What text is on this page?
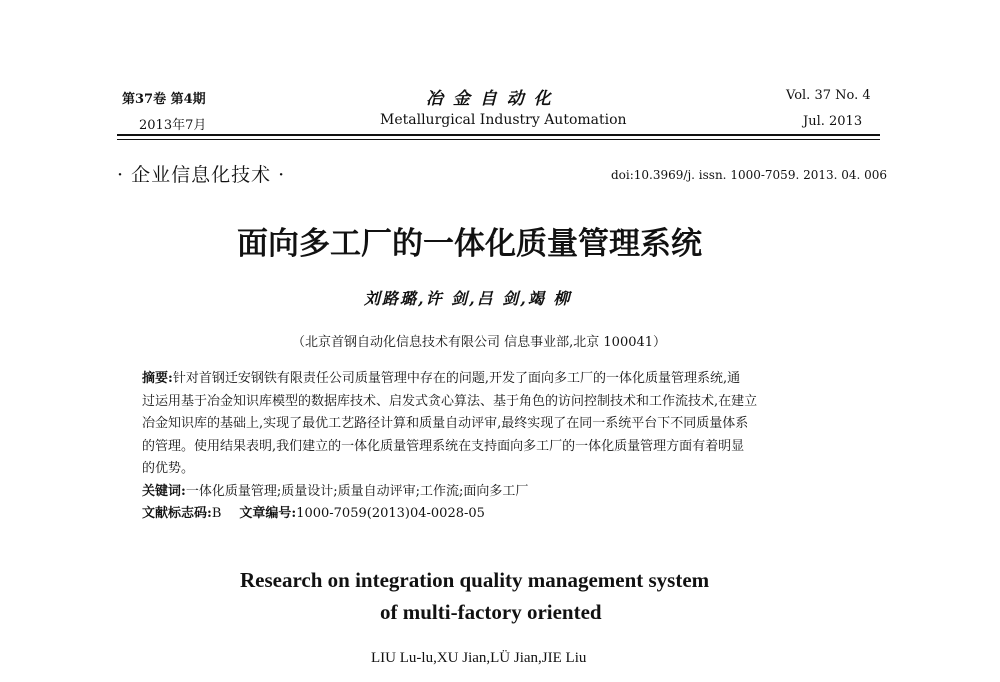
第37卷 第4期
2013年7月
冶 金 自 动 化
Metallurgical Industry Automation
Vol. 37 No. 4
Jul. 2013
· 企业信息化技术 ·	doi:10.3969/j. issn. 1000-7059. 2013. 04. 006
面向多工厂的一体化质量管理系统
刘路璐,许 剑,吕 剑,竭 柳
（北京首钢自动化信息技术有限公司 信息事业部,北京 100041）
摘要:针对首钢迁安钢铁有限责任公司质量管理中存在的问题,开发了面向多工厂的一体化质量管理系统,通
过运用基于冶金知识库模型的数据库技术、启发式贪心算法、基于角色的访问控制技术和工作流技术,在建立
冶金知识库的基础上,实现了最优工艺路径计算和质量自动评审,最终实现了在同一系统平台下不同质量体系
的管理。使用结果表明,我们建立的一体化质量管理系统在支持面向多工厂的一体化质量管理方面有着明显
的优势。
关键词:一体化质量管理;质量设计;质量自动评审;工作流;面向多工厂
文献标志码:B 文章编号:1000-7059(2013)04-0028-05
Research on integration quality management system
of multi-factory oriented
LIU Lu-lu,XU Jian,LÜ Jian,JIE Liu
